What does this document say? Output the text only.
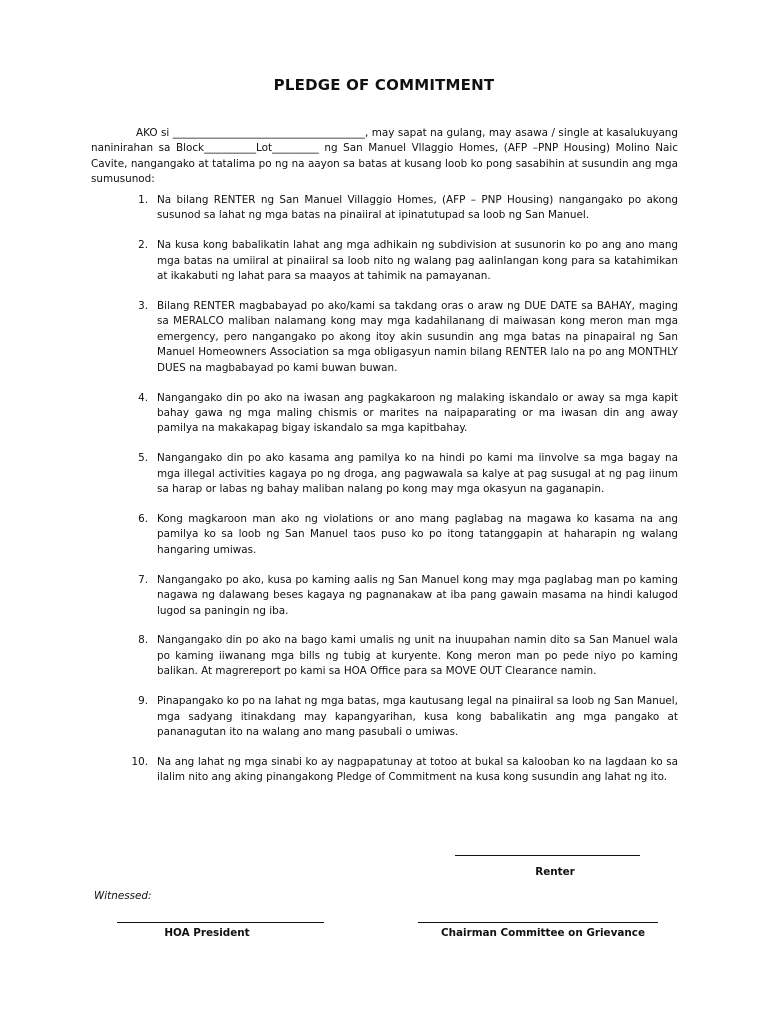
PLEDGE OF COMMITMENT
AKO si _____________________________________, may sapat na gulang, may asawa / single at kasalukuyang naninirahan sa Block__________Lot_________ ng San Manuel Vllaggio Homes, (AFP –PNP Housing) Molino Naic Cavite, nangangako at tatalima po ng na aayon sa batas at kusang loob ko pong sasabihin at susundin ang mga sumusunod:
1. Na bilang RENTER ng San Manuel Villaggio Homes, (AFP – PNP Housing) nangangako po akong susunod sa lahat ng mga batas na pinaiiral at ipinatutupad sa loob ng San Manuel.
2. Na kusa kong babalikatin lahat ang mga adhikain ng subdivision at susunorin ko po ang ano mang mga batas na umiiral at pinaiiral sa loob nito ng walang pag aalinlangan kong para sa katahimikan at ikakabuti ng lahat para sa maayos at tahimik na pamayanan.
3. Bilang RENTER magbabayad po ako/kami sa takdang oras o araw ng DUE DATE sa BAHAY, maging sa MERALCO maliban nalamang kong may mga kadahilanang di maiwasan kong meron man mga emergency, pero nangangako po akong itoy akin susundin ang mga batas na pinapairal ng San Manuel Homeowners Association sa mga obligasyun namin bilang RENTER lalo na po ang MONTHLY DUES na magbabayad po kami buwan buwan.
4. Nangangako din po ako na iwasan ang pagkakaroon ng malaking iskandalo or away sa mga kapit bahay gawa ng mga maling chismis or marites na naipaparating or ma iwasan din ang away pamilya na makakapag bigay iskandalo sa mga kapitbahay.
5. Nangangako din po ako kasama ang pamilya ko na hindi po kami ma iinvolve sa mga bagay na mga illegal activities kagaya po ng droga, ang pagwawala sa kalye at pag susugal at ng pag iinum sa harap or labas ng bahay maliban nalang po kong may mga okasyun na gaganapin.
6. Kong magkaroon man ako ng violations or ano mang paglabag na magawa ko kasama na ang pamilya ko sa loob ng San Manuel taos puso ko po itong tatanggapin at haharapin ng walang hangaring umiwas.
7. Nangangako po ako, kusa po kaming aalis ng San Manuel kong may mga paglabag man po kaming nagawa ng dalawang beses kagaya ng pagnanakaw at iba pang gawain masama na hindi kalugod lugod sa paningin ng iba.
8. Nangangako din po ako na bago kami umalis ng unit na inuupahan namin dito sa San Manuel wala po kaming iiwanang mga bills ng tubig at kuryente. Kong meron man po pede niyo po kaming balikan. At magrereport po kami sa HOA Office para sa MOVE OUT Clearance namin.
9. Pinapangako ko po na lahat ng mga batas, mga kautusang legal na pinaiiral sa loob ng San Manuel, mga sadyang itinakdang may kapangyarihan, kusa kong babalikatin ang mga pangako at pananagutan ito na walang ano mang pasubali o umiwas.
10. Na ang lahat ng mga sinabi ko ay nagpapatunay at totoo at bukal sa kalooban ko na lagdaan ko sa ilalim nito ang aking pinangakong Pledge of Commitment na kusa kong susundin ang lahat ng ito.
Renter
Witnessed:
HOA President	Chairman Committee on Grievance
